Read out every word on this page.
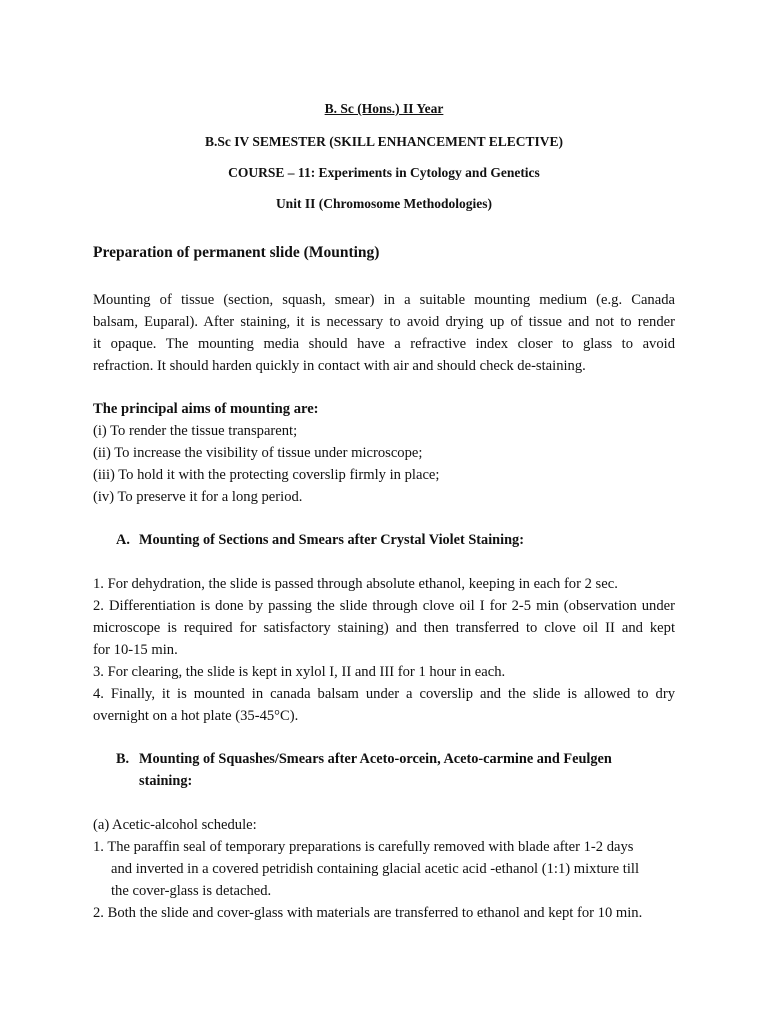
B. Sc (Hons.) II Year
B.Sc IV SEMESTER (SKILL ENHANCEMENT ELECTIVE)
COURSE – 11: Experiments in Cytology and Genetics
Unit II (Chromosome Methodologies)
Preparation of permanent slide (Mounting)
Mounting of tissue (section, squash, smear) in a suitable mounting medium (e.g. Canada
balsam, Euparal). After staining, it is necessary to avoid drying up of tissue and not to render
it opaque. The mounting media should have a refractive index closer to glass to avoid
refraction. It should harden quickly in contact with air and should check de-staining.
The principal aims of mounting are:
(i) To render the tissue transparent;
(ii) To increase the visibility of tissue under microscope;
(iii) To hold it with the protecting coverslip firmly in place;
(iv) To preserve it for a long period.
A. Mounting of Sections and Smears after Crystal Violet Staining:
1. For dehydration, the slide is passed through absolute ethanol, keeping in each for 2 sec.
2. Differentiation is done by passing the slide through clove oil I for 2-5 min (observation under
microscope is required for satisfactory staining) and then transferred to clove oil II and kept
for 10-15 min.
3. For clearing, the slide is kept in xylol I, II and III for 1 hour in each.
4. Finally, it is mounted in canada balsam under a coverslip and the slide is allowed to dry
overnight on a hot plate (35-45°C).
B. Mounting of Squashes/Smears after Aceto-orcein, Aceto-carmine and Feulgen
staining:
(a) Acetic-alcohol schedule:
1. The paraffin seal of temporary preparations is carefully removed with blade after 1-2 days
and inverted in a covered petridish containing glacial acetic acid -ethanol (1:1) mixture till
the cover-glass is detached.
2. Both the slide and cover-glass with materials are transferred to ethanol and kept for 10 min.
